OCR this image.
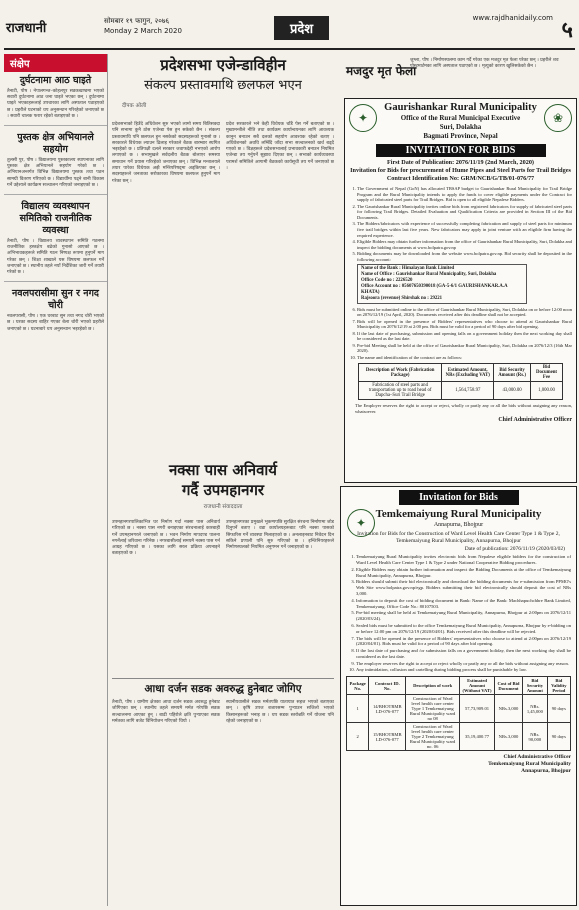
राजधानी	सोमबार १९ फागुन, २०७६
Monday 2 March 2020	प्रदेश
www.rajdhanidaily.com ५
संक्षेप
दुर्घटनामा आठ घाइते
तैनाटी, पौष । नेपालगन्ज–कोहलपुर सडकखण्डमा भएको सवारी दुर्घटनामा आठ जना घाइते भएका छन् । दुर्घटनामा घाइते भएकाहरूलाई उपचारका लागि अस्पताल पठाइएको छ । प्रहरीले घटनाको थप अनुसन्धान गरिरहेको जनाएको छ । सवारी चालक फरार रहेको बताइएको छ ।
पुस्तक क्षेत्र अभियानले सहयोग
तुलसी पुर, पौष । विद्यालयमा पुस्तकालय स्थापनाका लागि पुस्तक क्षेत्र अभियानले सहयोग गरेको छ । अभियानअन्तर्गत विभिन्न विद्यालयमा पुस्तक तथा पठन सामग्री वितरण गरिएको छ । विद्यार्थीमा पढ्ने बानी विकास गर्ने उद्देश्यले कार्यक्रम सञ्चालन गरिएको जनाइएको छ ।
विद्यालय व्यवस्थापन समितिको राजनीतिक व्यवस्था
तैनाटी, पौष । विद्यालय व्यवस्थापन समिति गठनमा राजनीतिक हस्तक्षेप बढेको गुनासो आएको छ । अभिभावकहरूले समिति गठन निष्पक्ष रूपमा हुनुपर्ने माग गरेका छन् । शिक्षा शाखाले यस विषयमा छलफल गर्ने जनाएको छ । स्थानीय तहले नयाँ निर्देशिका जारी गर्ने तयारी गरेको छ ।
नवलपरासीमा सुन र नगद चोरी
नवलपरासी, पौष । एक घरबाट सुन तथा नगद चोरी भएको छ । घरका सदस्य बाहिर गएका बेला चोरी भएको प्रहरीले जनाएको छ । घटनाबारे थप अनुसन्धान भइरहेको छ ।
प्रदेशसभा एजेन्डाविहीन
संकल्प प्रस्तावमाथि छलफल भएन
दीपक ओली
प्रदेशसभाको हिउँदे अधिवेशन सुरु भएको लामो समय बितिसक्दा पनि सभामा कुनै ठोस एजेन्डा पेस हुन सकेको छैन । संकल्प प्रस्तावमाथि पनि छलफल हुन नसकेको सदस्यहरूको गुनासो छ । सरकारले विधेयक ल्याउन ढिलाइ गरेकाले बैठक बारम्बार स्थगित भइरहेको छ । प्रतिपक्षी दलले सरकार जवाफदेही नभएको आरोप लगाएको छ । सभामुखले सर्वदलीय बैठक बोलाएर समस्या समाधान गर्ने प्रयास गरिरहेको जनाएका छन् । विभिन्न मन्त्रालयले तयार पारेका विधेयक अझै मन्त्रिपरिषद्‌मा अड्किएका छन् । सदस्यहरूले जनताका सरोकारका विषयमा छलफल हुनुपर्ने माग गरेका छन् ।
प्रदेश सरकारले भने केही विधेयक चाँडै पेस गर्ने बताएको छ । मुख्यमन्त्रीले नीति तथा कार्यक्रम कार्यान्वयनका लागि आवश्यक कानुन बनाउन सबै दलको सहयोग आवश्यक रहेको बताए । अधिवेशनको अवधि लम्बिँदै जाँदा सभा सञ्चालनको खर्च बढ्दै गएको छ । विज्ञहरूले प्रदेशसभालाई प्रभावकारी बनाउन नियमित एजेन्डा तय गर्नुपर्ने सुझाव दिएका छन् । सभाको कार्यव्यवस्था परामर्श समितिले आगामी बैठकको कार्यसूची तय गर्ने जनाएको छ ।
नक्सा पास अनिवार्य
गर्दै उपमहानगर
राजधानी संवाददाता
उपमहानगरपालिकाभित्र घर निर्माण गर्दा नक्सा पास अनिवार्य गरिएको छ । नक्सा पास नगरी बनाइएका संरचनालाई कारबाही गर्ने उपमहानगरले जनाएको छ । भवन निर्माण मापदण्ड पालना नगर्नेलाई जरिवाना गरिनेछ । नगरबासीलाई समयमै नक्सा पास गर्न आग्रह गरिएको छ । यसका लागि सरल प्रक्रिया अपनाइने बताइएको छ ।
उपमहानगरका प्रमुखले भूकम्पपछि सुरक्षित संरचना निर्माणमा जोड दिनुपर्ने बताए । वडा कार्यालयहरूबाट पनि नक्सा पासको सिफारिस गर्ने व्यवस्था मिलाइएको छ । अनलाइनबाट निवेदन दिन सकिने प्रणाली पनि सुरु गरिएको छ । इन्जिनियरहरूले निर्माणस्थलको नियमित अनुगमन गर्ने जनाइएको छ ।
आधा दर्जन सडक अवरुद्ध हुनेबाट जोगिए
तैनाटी, पौष । ग्रामीण क्षेत्रका आधा दर्जन सडक अवरुद्ध हुनेबाट जोगिएका छन् । स्थानीय तहले समयमै मर्मत गरेपछि सडक सञ्चालनमा आएका हुन् । बाढी पहिरोले क्षति पुर्‍याएका सडक मर्मतका लागि बजेट विनियोजन गरिएको थियो ।
स्थानीयवासीले सडक मर्मतपछि यातायात सहज भएको बताएका छन् । कृषि उपज बजारसम्म पुर्‍याउन सजिलो भएको किसानहरूको भनाइ छ । थप सडक स्तरोन्नति गर्ने योजना पनि रहेको जनाइएको छ ।
मजदुर मृत फेला
जुम्ला, पौष । निर्माणस्थलमा काम गर्दै गरेका एक मजदुर मृत फेला परेका छन् । प्रहरीले शव पोस्टमार्टमका लागि अस्पताल पठाएको छ । मृत्युको कारण खुलिसकेको छैन ।
✦	❀
Gaurishankar Rural Municipality
Office of the Rural Municipal Executive
Suri, Dolakha
Bagmati Province, Nepal
INVITATION FOR BIDS
First Date of Publication: 2076/11/19 (2nd March, 2020)
Invitation for Bids for procurement of Hume Pipes and Steel Parts for Trail Bridges
Contract Identification No: GRM/NCB/G/TB/01-076/77
1. The Government of Nepal (GoN) has allocated TBSAP budget to Gaurishankar Rural Municipality for Trail Bridge Program and the Rural Municipality intends to apply the funds to cover eligible payments under the Contract for supply of fabricated steel parts for Trail Bridges. Bid is open to all eligible Nepalese Bidders.
2. The Gaurishankar Rural Municipality invites online bids from registered fabricators for supply of fabricated steel parts for following Trail Bridges. Detailed Evaluation and Qualification Criteria are provided in Section III of the Bid Documents.
3. The Bidders/fabricators with experience of successfully completing fabrication and supply of steel parts for minimum five trail bridges within last five years. New fabricators may apply in joint venture with an eligible firm having the required experience.
4. Eligible Bidders may obtain further information from the office of Gaurishankar Rural Municipality, Suri, Dolakha and inspect the bidding documents at www.bolpatra.gov.np
5. Bidding documents may be downloaded from the website www.bolpatra.gov.np. Bid security shall be deposited in the following account:
Name of the Bank : Himalayan Bank Limited
Name of Office : Gaurishankar Rural Municipality, Suri, Dolakha
Office Code no : 2226520
Office Account no : 05607650390018 (GA-5-6/1 GAURISHANKAR.A.A KHATA)
Rajsoora (revenue) Shirshak no : 29221
6. Bids must be submitted online to the office of Gaurishankar Rural Municipality, Suri, Dolakha on or before 12:00 noon on 2076/12/19 (1st April, 2020). Documents received after this deadline shall not be accepted.
7. Bids will be opened in the presence of Bidders' representatives who choose to attend at Gaurishankar Rural Municipality on 2076/12/19 at 2:00 pm. Bids must be valid for a period of 90 days after bid opening.
8. If the last date of purchasing, submission and opening falls on a government holiday then the next working day shall be considered as the last date.
9. Pre-bid Meeting shall be held at the office of Gaurishankar Rural Municipality, Suri, Dolakha on 2076/12/3 (16th Mar 2020).
10. The name and identification of the contract are as follows:
Description of Work (Fabrication Package)	Estimated Amount, NRs (Excluding VAT)	Bid Security Amount (Rs.)	Bid Document Fee
Fabrication of steel parts and transportation up to road head of Dapcha–Suri Trail Bridge	1,564,758.97	43,000.00	1,000.00
The Employer reserves the right to accept or reject, wholly or partly any or all the bids without assigning any reason, whatsoever.
Chief Administrative Officer
Invitation for Bids
✦
Temkemaiyung Rural Municipality
Annapurna, Bhojpur
Invitation for Bids for the Construction of Ward Level Health Care Center Type 1 & Type 2, Temkemaiyung Rural Municipality, Annapurna, Bhojpur
Date of publication: 2076/11/19 (2020/03/02)
1. Temkemaiyung Rural Municipality invites electronic bids from Nepalese eligible bidders for the construction of Ward Level Health Care Center Type 1 & Type 2 under National Cooperative Bidding procedures.
2. Eligible Bidders may obtain further information and inspect the Bidding Documents at the office of Temkemaiyung Rural Municipality, Annapurna, Bhojpur.
3. Bidders should submit their bid electronically and download the bidding documents for e-submission from PPMO's Web Site www.bolpatra.gov.np/egp. Bidders submitting their bid electronically should deposit the cost of NRs 3,000.
4. Information to deposit the cost of bidding document in Bank: Name of the Bank: Machhapuchchhre Bank Limited, Temkemaiyung. Office Code No.: 80107503.
5. Pre-bid meeting shall be held at Temkemaiyung Rural Municipality, Annapurna, Bhojpur at 2:00pm on 2076/12/11 (2020/03/24).
6. Sealed bids must be submitted to the office Temkemaiyung Rural Municipality, Annapurna, Bhojpur by e-bidding on or before 12:00 pm on 2076/12/19 (2020/04/01). Bids received after this deadline will be rejected.
7. The bids will be opened in the presence of Bidders' representatives who choose to attend at 2:00pm on 2076/12/19 (2020/04/01). Bids must be valid for a period of 90 days after bid opening.
8. If the last date of purchasing and /or submission falls on a government holiday, then the next working day shall be considered as the last date.
9. The employer reserves the right to accept or reject wholly or partly any or all the bids without assigning any reason.
10. Any intimidation, collusion and cartelling during bidding process shall be punishable by law.
Package No.	Contract ID. No.	Description of work	Estimated Amount (Without VAT)	Cost of Bid Document	Bid Security Amount	Bid Validity Period
1	14/BHOTRMB LD-076-077	Construction of Ward level health care center Type 1 Temkemaiyung Rural Municipality ward no 08	57,73,909.01	NRs.3,000	NRs. 1,45,000	90 days
2	15/BHOTRMB LD-076-077	Construction of Ward level health care center Type 2 Temkemaiyung Rural Municipality ward no. 06	35,19,400.77	NRs.3,000	NRs. 90,000	90 days
Chief Administrative Officer
Temkemaiyung Rural Municipality
Annapurna, Bhojpur
